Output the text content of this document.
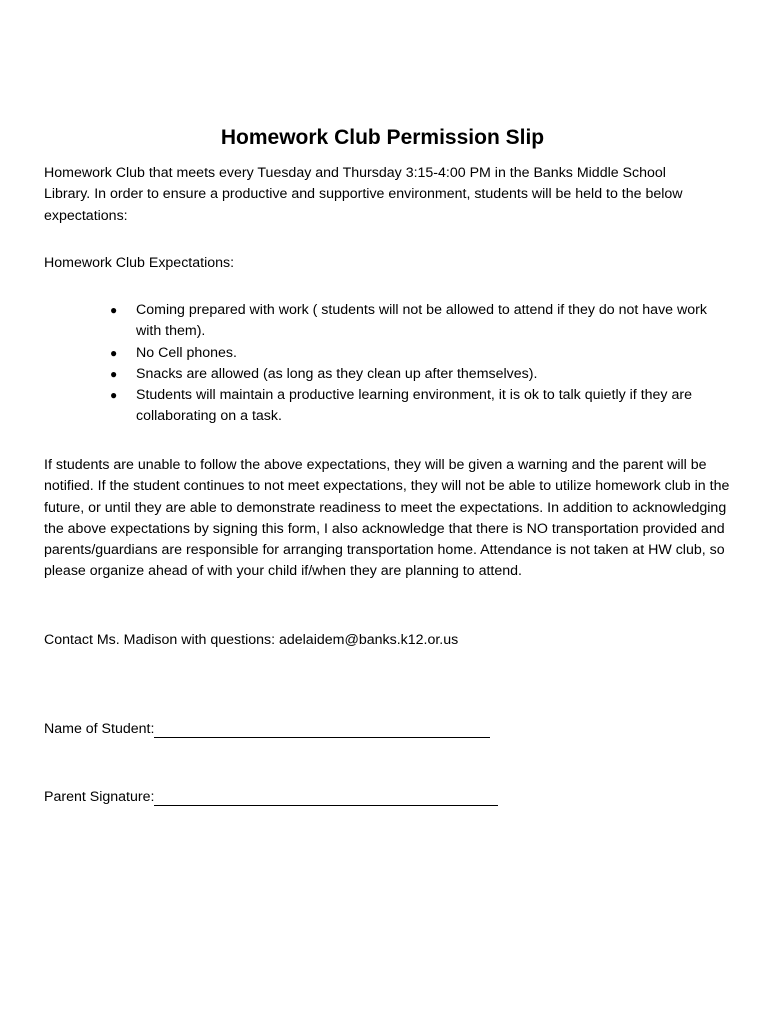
Homework Club Permission Slip

Homework Club that meets every Tuesday and Thursday 3:15-4:00 PM in the Banks Middle School Library. In order to ensure a productive and supportive environment, students will be held to the below expectations:

Homework Club Expectations:

● Coming prepared with work ( students will not be allowed to attend if they do not have work with them).
● No Cell phones.
● Snacks are allowed (as long as they clean up after themselves).
● Students will maintain a productive learning environment, it is ok to talk quietly if they are collaborating on a task.

If students are unable to follow the above expectations, they will be given a warning and the parent will be notified. If the student continues to not meet expectations, they will not be able to utilize homework club in the future, or until they are able to demonstrate readiness to meet the expectations. In addition to acknowledging the above expectations by signing this form, I also acknowledge that there is NO transportation provided and parents/guardians are responsible for arranging transportation home. Attendance is not taken at HW club, so please organize ahead of with your child if/when they are planning to attend.

Contact Ms. Madison with questions: adelaidem@banks.k12.or.us

Name of Student:
Parent Signature:
